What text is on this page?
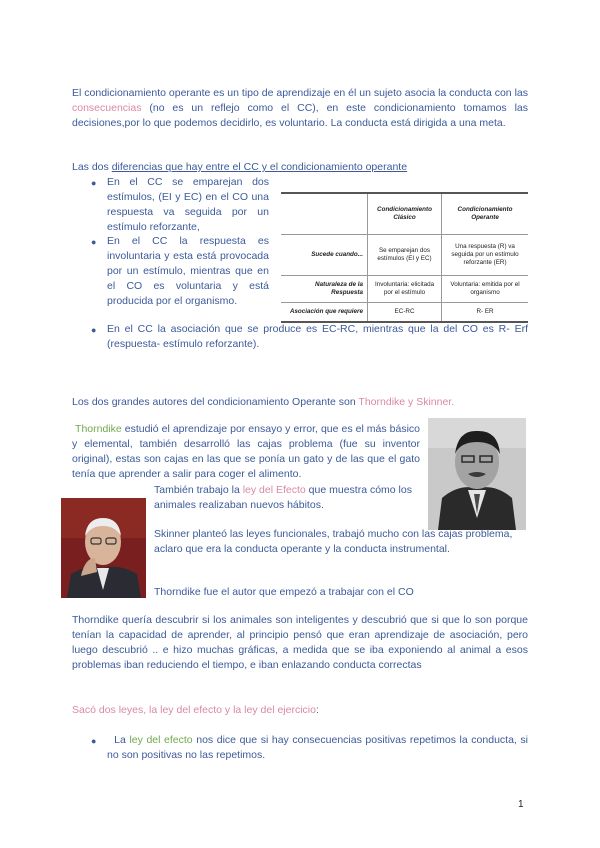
El condicionamiento operante es un tipo de aprendizaje en él un sujeto asocia la conducta con las consecuencias (no es un reflejo como el CC), en este condicionamiento tomamos las decisiones,por lo que podemos decidirlo, es voluntario. La conducta está dirigida a una meta.

Las dos diferencias que hay entre el CC y el condicionamiento operante

● En el CC se emparejan dos estímulos, (EI y EC) en el CO una respuesta va seguida por un estímulo reforzante,

● En el CC la respuesta es involuntaria y esta está provocada por un estímulo, mientras que en el CO es voluntaria y está producida por el organismo.

● En el CC la asociación que se produce es EC-RC, mientras que la del CO es R- Erf (respuesta- estímulo reforzante).

	Condicionamiento Clásico	Condicionamiento Operante
Sucede cuando...	Se emparejan dos estímulos (EI y EC)	Una respuesta (R) va seguida por un estímulo reforzante (ER)
Naturaleza de la Respuesta	Involuntaria: elicitada por el estímulo	Voluntaria: emitida por el organismo
Asociación que requiere	EC-RC	R- ER

Los dos grandes autores del condicionamiento Operante son Thorndike y Skinner.

Thorndike estudió el aprendizaje por ensayo y error, que es el más básico y elemental, también desarrolló las cajas problema (fue su inventor original), estas son cajas en las que se ponía un gato y de las que el gato tenía que aprender a salir para coger el alimento.

También trabajo la ley del Efecto que muestra cómo los animales realizaban nuevos hábitos.

Skinner planteó las leyes funcionales, trabajó mucho con las cajas problema, aclaro que era la conducta operante y la conducta instrumental.

Thorndike fue el autor que empezó a trabajar con el CO

Thorndike quería descubrir si los animales son inteligentes y descubrió que si que lo son porque tenían la capacidad de aprender, al principio pensó que eran aprendizaje de asociación, pero luego descubrió .. e hizo muchas gráficas, a medida que se iba exponiendo al animal a esos problemas iban reduciendo el tiempo, e iban enlazando conducta correctas

Sacó dos leyes, la ley del efecto y la ley del ejercicio:

●	La ley del efecto nos dice que si hay consecuencias positivas repetimos la conducta, si no son positivas no las repetimos.

1
